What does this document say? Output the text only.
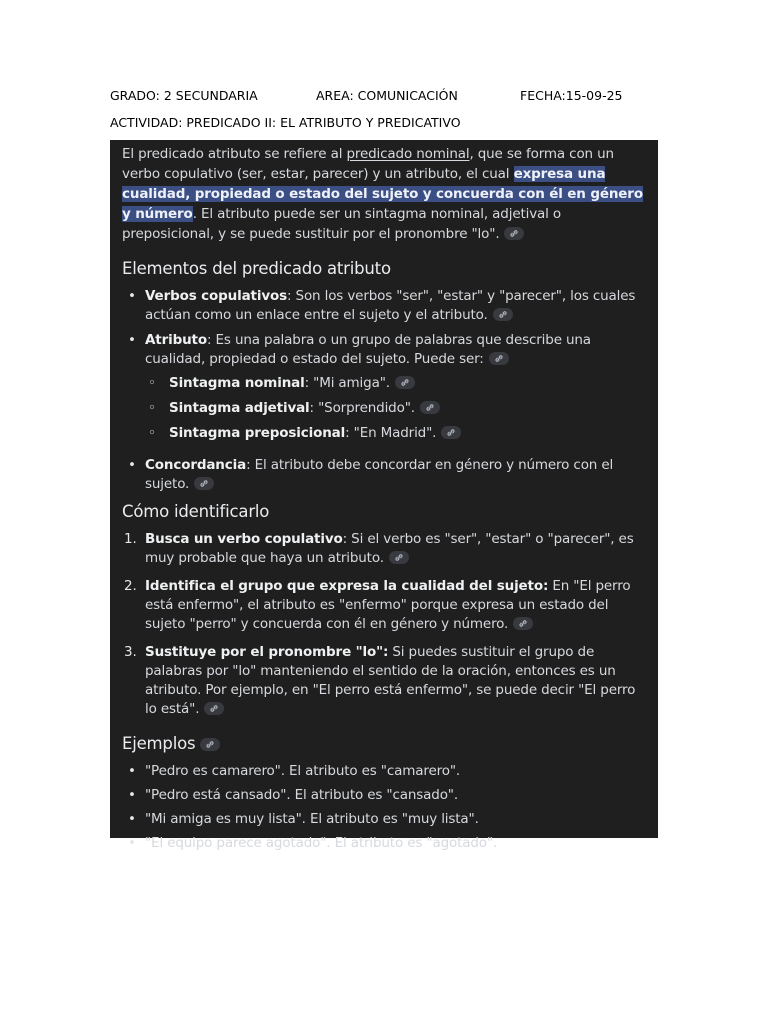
GRADO: 2 SECUNDARIA	AREA: COMUNICACIÓN	FECHA:15-09-25
ACTIVIDAD: PREDICADO II: EL ATRIBUTO Y PREDICATIVO

El predicado atributo se refiere al predicado nominal, que se forma con un verbo copulativo (ser, estar, parecer) y un atributo, el cual expresa una cualidad, propiedad o estado del sujeto y concuerda con él en género y número. El atributo puede ser un sintagma nominal, adjetival o preposicional, y se puede sustituir por el pronombre "lo".

Elementos del predicado atributo
• Verbos copulativos: Son los verbos "ser", "estar" y "parecer", los cuales actúan como un enlace entre el sujeto y el atributo.
• Atributo: Es una palabra o un grupo de palabras que describe una cualidad, propiedad o estado del sujeto. Puede ser:
◦ Sintagma nominal: "Mi amiga".
◦ Sintagma adjetival: "Sorprendido".
◦ Sintagma preposicional: "En Madrid".
• Concordancia: El atributo debe concordar en género y número con el sujeto.
Cómo identificarlo
1. Busca un verbo copulativo: Si el verbo es "ser", "estar" o "parecer", es muy probable que haya un atributo.
2. Identifica el grupo que expresa la cualidad del sujeto: En "El perro está enfermo", el atributo es "enfermo" porque expresa un estado del sujeto "perro" y concuerda con él en género y número.
3. Sustituye por el pronombre "lo": Si puedes sustituir el grupo de palabras por "lo" manteniendo el sentido de la oración, entonces es un atributo. Por ejemplo, en "El perro está enfermo", se puede decir "El perro lo está".
Ejemplos
• "Pedro es camarero". El atributo es "camarero".
• "Pedro está cansado". El atributo es "cansado".
• "Mi amiga es muy lista". El atributo es "muy lista".
• "El equipo parece agotado". El atributo es "agotado".
